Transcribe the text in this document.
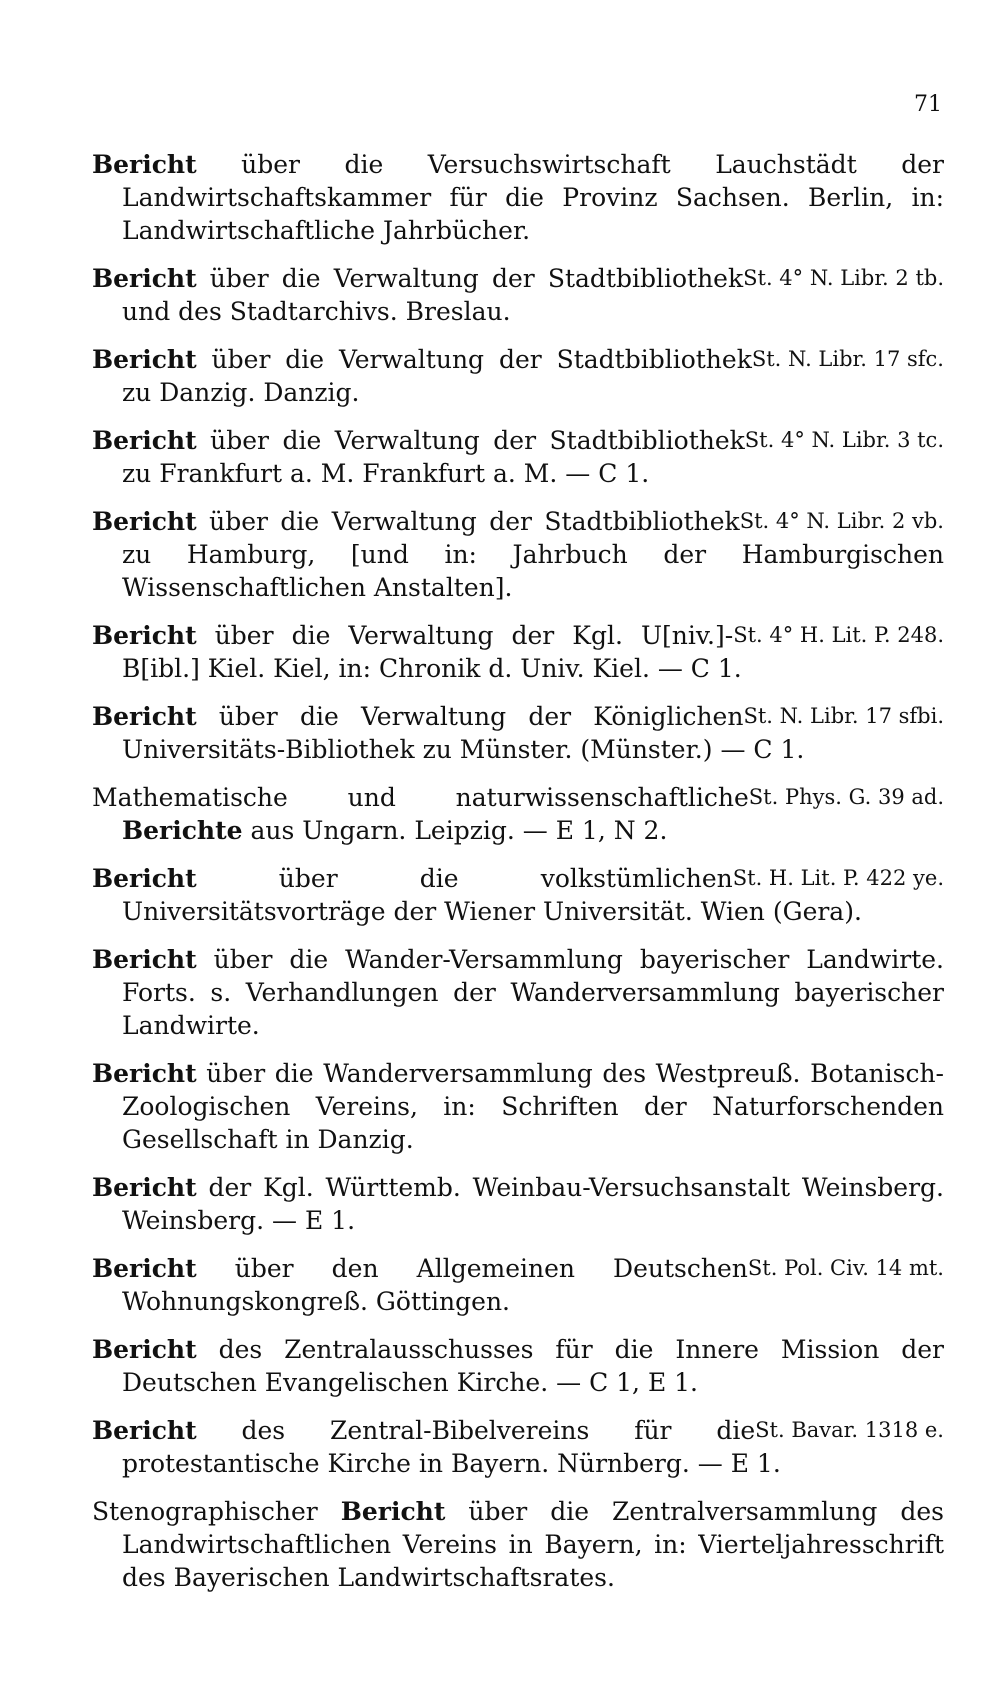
71
Bericht über die Versuchswirtschaft Lauchstädt der Landwirtschaftskammer für die Provinz Sachsen. Berlin, in: Landwirtschaftliche Jahrbücher.
St. 4° N. Libr. 2 tb.
Bericht über die Verwaltung der Stadtbibliothek und des Stadtarchivs. Breslau.
St. N. Libr. 17 sfc.
Bericht über die Verwaltung der Stadtbibliothek zu Danzig. Danzig.
St. 4° N. Libr. 3 tc.
Bericht über die Verwaltung der Stadtbibliothek zu Frankfurt a. M. Frankfurt a. M. — C 1.
St. 4° N. Libr. 2 vb.
Bericht über die Verwaltung der Stadtbibliothek zu Hamburg, [und in: Jahrbuch der Hamburgischen Wissenschaftlichen Anstalten].
St. 4° H. Lit. P. 248.
Bericht über die Verwaltung der Kgl. U[niv.]-B[ibl.] Kiel. Kiel, in: Chronik d. Univ. Kiel. — C 1.
St. N. Libr. 17 sfbi.
Bericht über die Verwaltung der Königlichen Universitäts-Bibliothek zu Münster. (Münster.) — C 1.
St. Phys. G. 39 ad.
Mathematische und naturwissenschaftliche Berichte aus Ungarn. Leipzig. — E 1, N 2.
St. H. Lit. P. 422 ye.
Bericht über die volkstümlichen Universitätsvorträge der Wiener Universität. Wien (Gera).
Bericht über die Wander-Versammlung bayerischer Landwirte. Forts. s. Verhandlungen der Wanderversammlung bayerischer Landwirte.
Bericht über die Wanderversammlung des Westpreuß. Botanisch-Zoologischen Vereins, in: Schriften der Naturforschenden Gesellschaft in Danzig.
Bericht der Kgl. Württemb. Weinbau-Versuchsanstalt Weinsberg. Weinsberg. — E 1.
St. Pol. Civ. 14 mt.
Bericht über den Allgemeinen Deutschen Wohnungskongreß. Göttingen.
Bericht des Zentralausschusses für die Innere Mission der Deutschen Evangelischen Kirche. — C 1, E 1.
St. Bavar. 1318 e.
Bericht des Zentral-Bibelvereins für die protestantische Kirche in Bayern. Nürnberg. — E 1.
Stenographischer Bericht über die Zentralversammlung des Landwirtschaftlichen Vereins in Bayern, in: Vierteljahresschrift des Bayerischen Landwirtschaftsrates.
